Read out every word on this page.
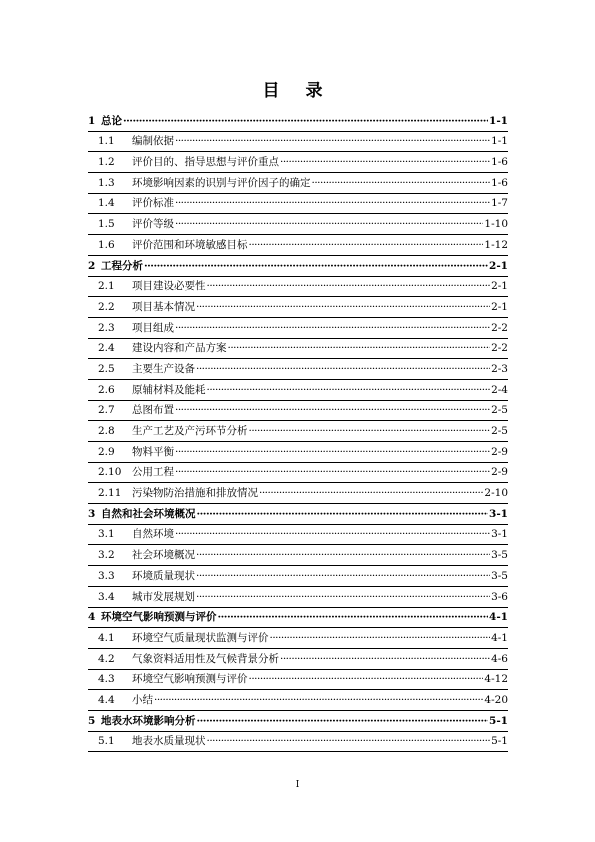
目 录
1 总论 ·····	1-1
1.1	编制依据 ·····	1-1
1.2	评价目的、指导思想与评价重点 ·····	1-6
1.3	环境影响因素的识别与评价因子的确定 ·····	1-6
1.4	评价标准 ·····	1-7
1.5	评价等级 ·····	1-10
1.6	评价范围和环境敏感目标 ·····	1-12
2 工程分析 ·····	2-1
2.1	项目建设必要性 ·····	2-1
2.2	项目基本情况 ·····	2-1
2.3	项目组成 ·····	2-2
2.4	建设内容和产品方案 ·····	2-2
2.5	主要生产设备 ·····	2-3
2.6	原辅材料及能耗 ·····	2-4
2.7	总图布置 ·····	2-5
2.8	生产工艺及产污环节分析 ·····	2-5
2.9	物料平衡 ·····	2-9
2.10	公用工程 ·····	2-9
2.11	污染物防治措施和排放情况 ·····	2-10
3 自然和社会环境概况 ·····	3-1
3.1	自然环境 ·····	3-1
3.2	社会环境概况 ·····	3-5
3.3	环境质量现状 ·····	3-5
3.4	城市发展规划 ·····	3-6
4 环境空气影响预测与评价 ·····	4-1
4.1	环境空气质量现状监测与评价 ·····	4-1
4.2	气象资料适用性及气候背景分析 ·····	4-6
4.3	环境空气影响预测与评价 ·····	4-12
4.4	小结 ·····	4-20
5 地表水环境影响分析 ·····	5-1
5.1	地表水质量现状 ·····	5-1
I
